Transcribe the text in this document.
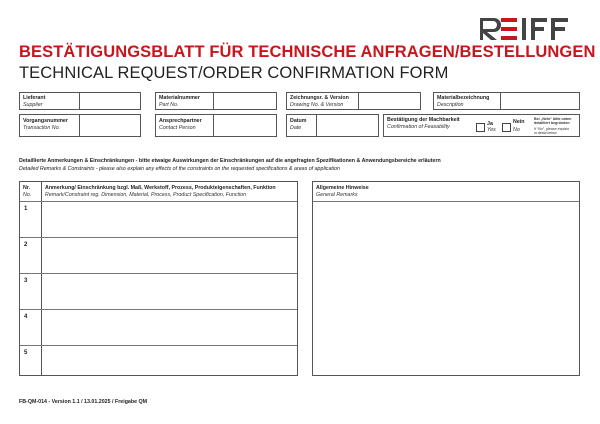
BESTÄTIGUNGSBLATT FÜR TECHNISCHE ANFRAGEN/BESTELLUNGEN
TECHNICAL REQUEST/ORDER CONFIRMATION FORM
Lieferant
Supplier
Materialnummer
Part No.
Zeichnungsr. & Version
Drawing No. & Version
Materialbezeichnung
Description
Vorgangsnummer
Transaction No.
Ansprechpartner
Contact Person
Datum
Date
Bestätigung der Machbarkeit
Confirmation of Feasability	Ja
Yes
Nein
No
Bei „Nein“ bitte unten
detailliert begründen
If “No”, please explain
in detail below
Detaillierte Anmerkungen & Einschränkungen - bitte etwaige Auswirkungen der Einschränkungen auf die angefragten Spezifikationen & Anwendungsbereiche erläutern
Detailed Remarks & Constraints - please also explain any effects of the constraints on the requested specifications & areas of application
Nr.
No.
Anmerkung/ Einschränkung bzgl. Maß, Werkstoff, Prozess, Produkteigenschaften, Funktion
Remark/Constraint reg. Dimension, Material, Process, Product Specification, Function
1
2
3
4
5
Allgemeine Hinweise
General Remarks
FB-QM-014 - Version 1.1 / 13.01.2025 / Freigabe QM
